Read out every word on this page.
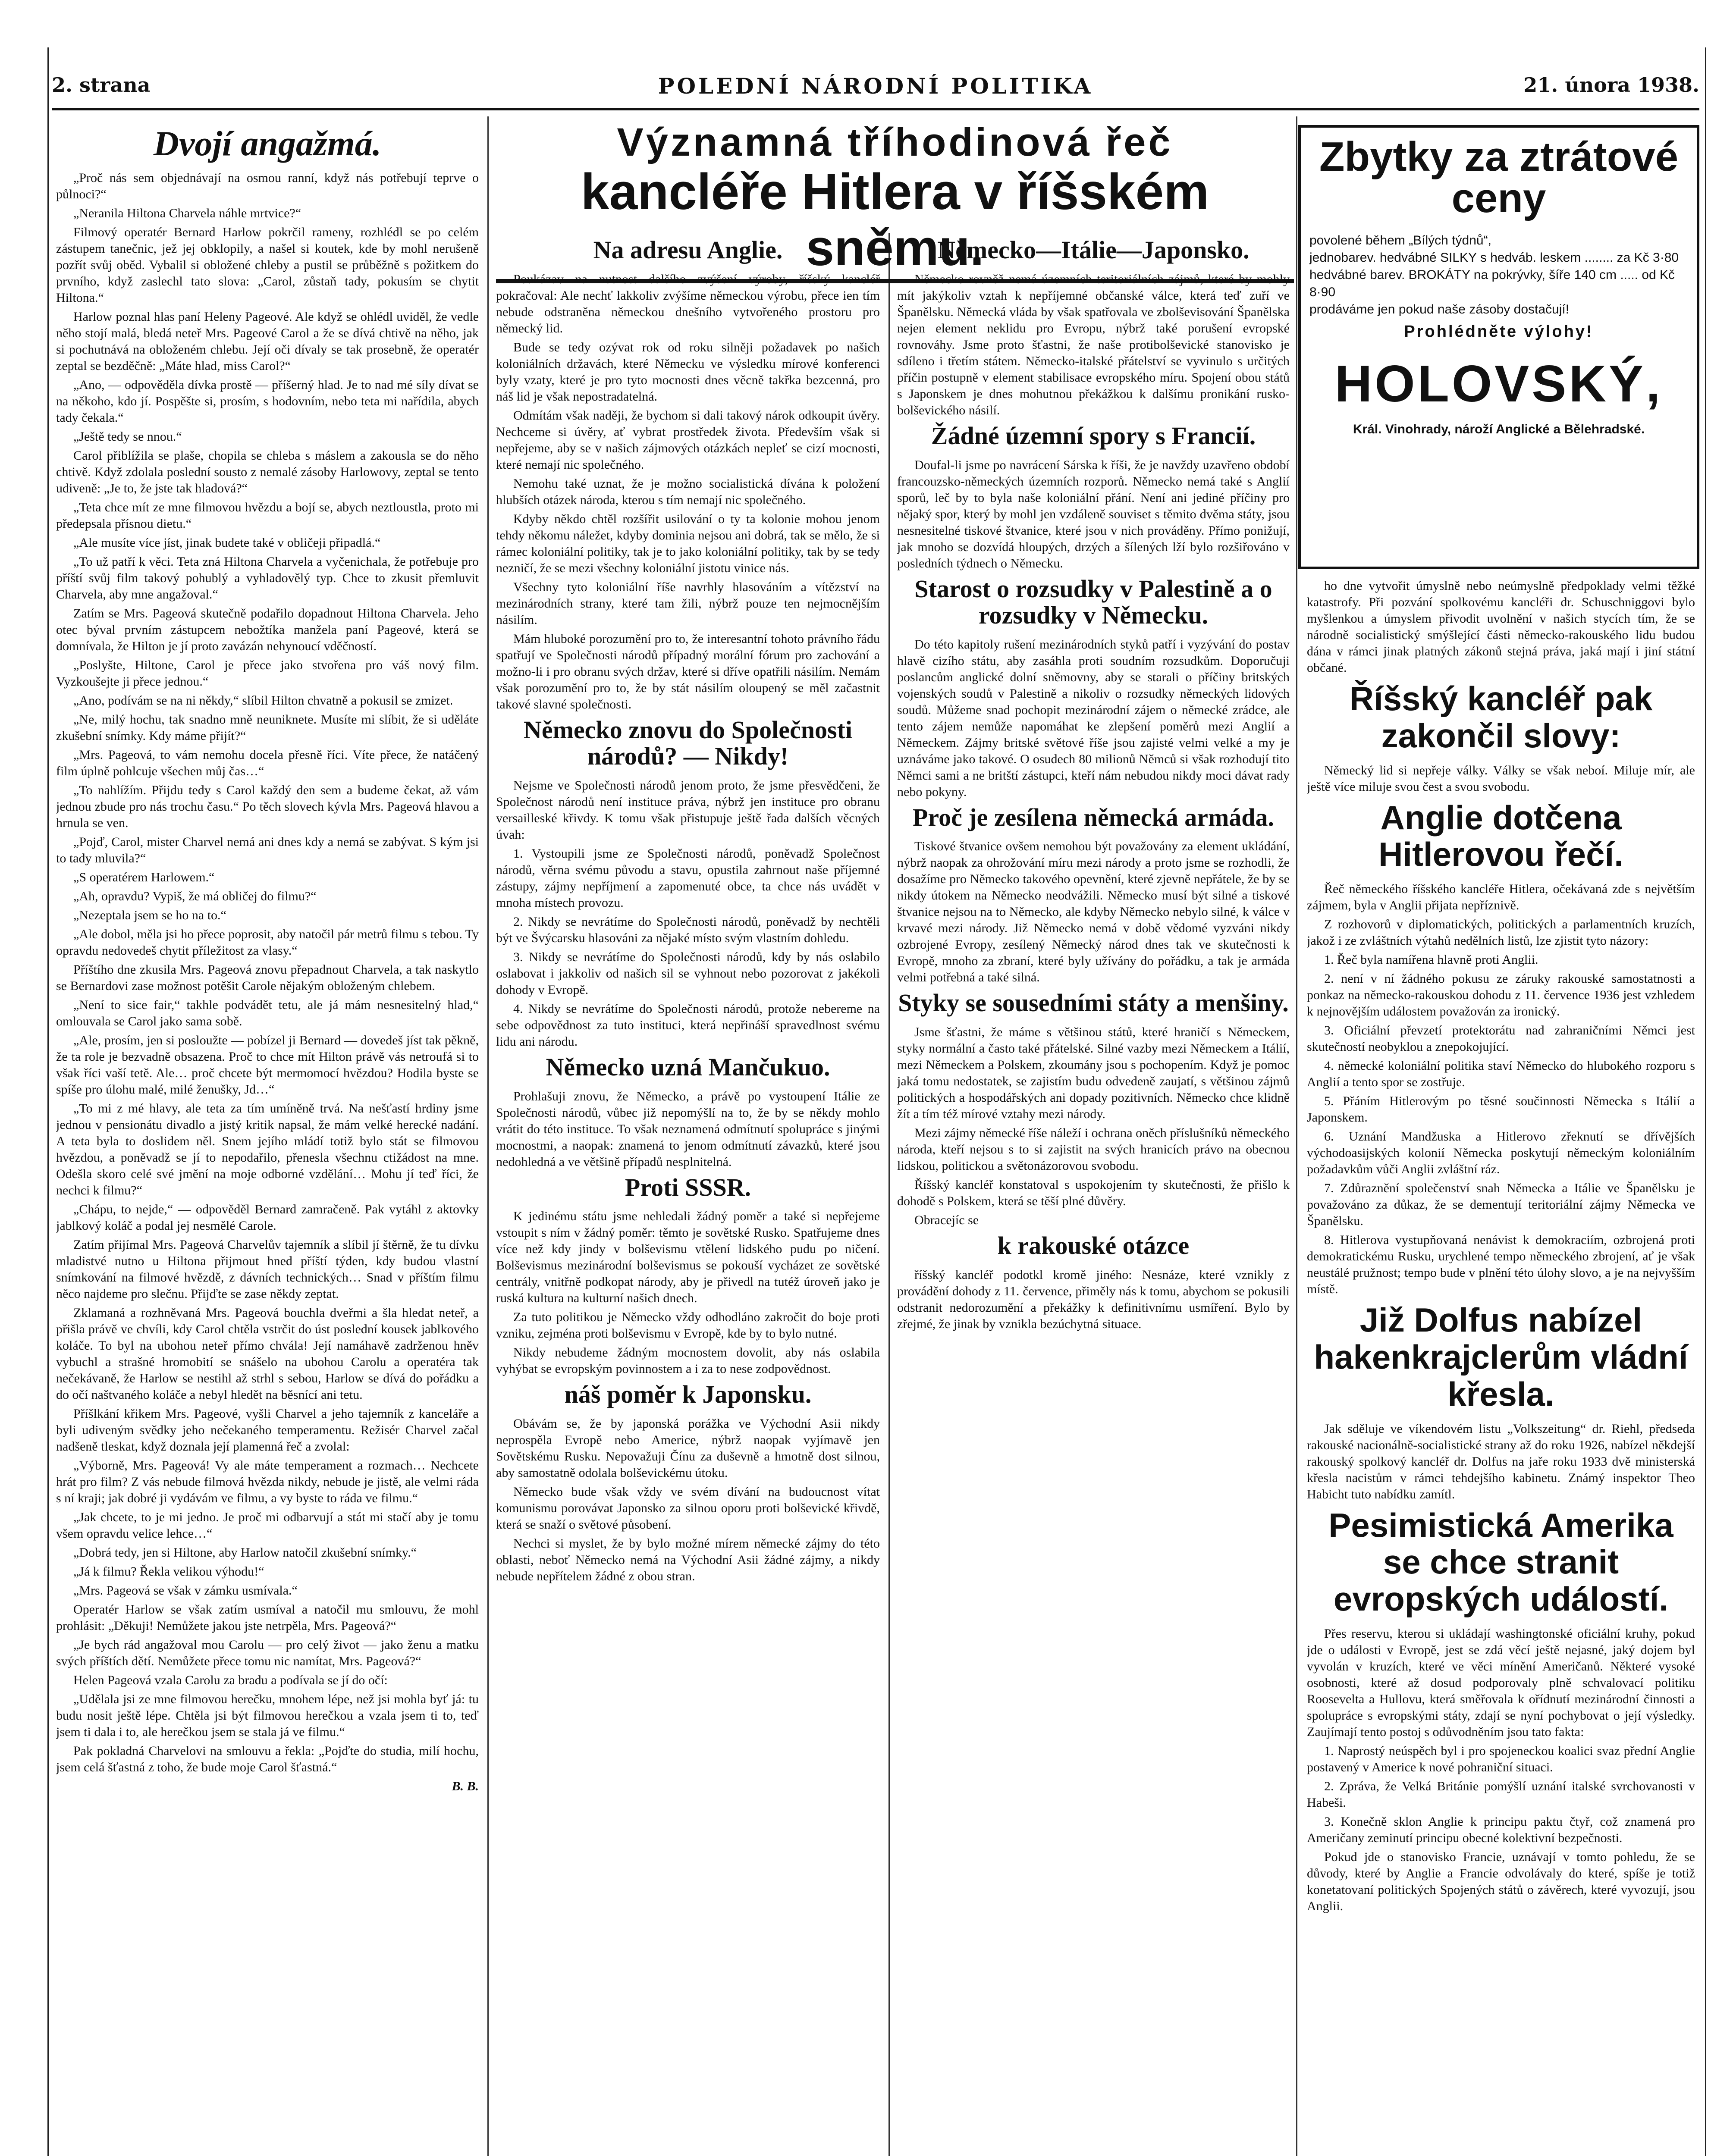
2. strana	POLEDNÍ NÁRODNÍ POLITIKA	21. února 1938.
Dvojí angažmá.

„Proč nás sem objednávají na osmou ranní, když nás potřebují teprve o půlnoci?“

„Neranila Hiltona Charvela náhle mrtvice?“

Filmový operatér Bernard Harlow pokrčil rameny, rozhlédl se po celém zástupem tanečnic, jež jej obklopily, a našel si koutek, kde by mohl nerušeně pozřít svůj oběd. Vybalil si obložené chleby a pustil se průběžně s požitkem do prvního, když zaslechl tato slova: „Carol, zůstaň tady, pokusím se chytit Hiltona.“

Harlow poznal hlas paní Heleny Pageové. Ale když se ohlédl uviděl, že vedle něho stojí malá, bledá neteř Mrs. Pageové Carol a že se dívá chtivě na něho, jak si pochutnává na obloženém chlebu. Její oči dívaly se tak prosebně, že operatér zeptal se bezděčně: „Máte hlad, miss Carol?“

„Ano, — odpověděla dívka prostě — příšerný hlad. Je to nad mé síly dívat se na někoho, kdo jí. Pospěšte si, prosím, s hodovním, nebo teta mi nařídila, abych tady čekala.“

„Ještě tedy se nnou.“

Carol přiblížila se plaše, chopila se chleba s máslem a zakousla se do něho chtivě. Když zdolala poslední sousto z nemalé zásoby Harlowovy, zeptal se tento udiveně: „Je to, že jste tak hladová?“

„Teta chce mít ze mne filmovou hvězdu a bojí se, abych neztloustla, proto mi předepsala přísnou dietu.“

„Ale musíte více jíst, jinak budete také v obličeji připadlá.“

„To už patří k věci. Teta zná Hiltona Charvela a vyčenichala, že potřebuje pro příští svůj film takový pohublý a vyhladovělý typ. Chce to zkusit přemluvit Charvela, aby mne angažoval.“

Zatím se Mrs. Pageová skutečně podařilo dopadnout Hiltona Charvela. Jeho otec býval prvním zástupcem nebožtíka manžela paní Pageové, která se domnívala, že Hilton je jí proto zavázán nehynoucí vděčností.

„Poslyšte, Hiltone, Carol je přece jako stvořena pro váš nový film. Vyzkoušejte ji přece jednou.“

„Ano, podívám se na ni někdy,“ slíbil Hilton chvatně a pokusil se zmizet.

„Ne, milý hochu, tak snadno mně neuniknete. Musíte mi slíbit, že si uděláte zkušební snímky. Kdy máme přijít?“

„Mrs. Pageová, to vám nemohu docela přesně říci. Víte přece, že natáčený film úplně pohlcuje všechen můj čas…“

„To nahlížím. Přijdu tedy s Carol každý den sem a budeme čekat, až vám jednou zbude pro nás trochu času.“ Po těch slovech kývla Mrs. Pageová hlavou a hrnula se ven.

„Pojď, Carol, mister Charvel nemá ani dnes kdy a nemá se zabývat. S kým jsi to tady mluvila?“

„S operatérem Harlowem.“

„Ah, opravdu? Vypiš, že má obličej do filmu?“

„Nezeptala jsem se ho na to.“

„Ale dobol, měla jsi ho přece poprosit, aby natočil pár metrů filmu s tebou. Ty opravdu nedovedeš chytit příležitost za vlasy.“

Příštího dne zkusila Mrs. Pageová znovu přepadnout Charvela, a tak naskytlo se Bernardovi zase možnost potěšit Carole nějakým obloženým chlebem.

„Není to sice fair,“ takhle podvádět tetu, ale já mám nesnesitelný hlad,“ omlouvala se Carol jako sama sobě.

„Ale, prosím, jen si posloužte — pobízel ji Bernard — dovedeš jíst tak pěkně, že ta role je bezvadně obsazena. Proč to chce mít Hilton právě vás netroufá si to však říci vaší tetě. Ale… proč chcete být mermomocí hvězdou? Hodila byste se spíše pro úlohu malé, milé ženušky, Jd…“

„To mi z mé hlavy, ale teta za tím umíněně trvá. Na nešťastí hrdiny jsme jednou v pensionátu divadlo a jistý kritik napsal, že mám velké herecké nadání. A teta byla to doslidem něl. Snem jejího mládí totiž bylo stát se filmovou hvězdou, a poněvadž se jí to nepodařilo, přenesla všechnu ctižádost na mne. Odešla skoro celé své jmění na moje odborné vzdělání… Mohu jí teď říci, že nechci k filmu?“

„Chápu, to nejde,“ — odpověděl Bernard zamračeně. Pak vytáhl z aktovky jablkový koláč a podal jej nesmělé Carole.

Zatím přijímal Mrs. Pageová Charvelův tajemník a slíbil jí štěrně, že tu dívku mladistvé nutno u Hiltona přijmout hned příští týden, kdy budou vlastní snímkování na filmové hvězdě, z dávních technických… Snad v příštím filmu něco najdeme pro slečnu. Přijďte se zase někdy zeptat.

Zklamaná a rozhněvaná Mrs. Pageová bouchla dveřmi a šla hledat neteř, a přišla právě ve chvíli, kdy Carol chtěla vstrčit do úst poslední kousek jablkového koláče. To byl na ubohou neteř přímo chvála! Její namáhavě zadrženou hněv vybuchl a strašné hromobití se snášelo na ubohou Carolu a operatéra tak nečekávaně, že Harlow se nestihl až strhl s sebou, Harlow se dívá do pořádku a do očí naštvaného koláče a nebyl hledět na běsnící ani tetu.

Příšlkání křikem Mrs. Pageové, vyšli Charvel a jeho tajemník z kanceláře a byli udiveným svědky jeho nečekaného temperamentu. Režisér Charvel začal nadšeně tleskat, když doznala její plamenná řeč a zvolal:

„Výborně, Mrs. Pageová! Vy ale máte temperament a rozmach… Nechcete hrát pro film? Z vás nebude filmová hvězda nikdy, nebude je jistě, ale velmi ráda s ní kraji; jak dobré ji vydávám ve filmu, a vy byste to ráda ve filmu.“

„Jak chcete, to je mi jedno. Je proč mi odbarvují a stát mi stačí aby je tomu všem opravdu velice lehce…“

„Dobrá tedy, jen si Hiltone, aby Harlow natočil zkušební snímky.“

„Já k filmu? Řekla velikou výhodu!“

„Mrs. Pageová se však v zámku usmívala.“

Operatér Harlow se však zatím usmíval a natočil mu smlouvu, že mohl prohlásit: „Děkuji! Nemůžete jakou jste netrpěla, Mrs. Pageová?“

„Je bych rád angažoval mou Carolu — pro celý život — jako ženu a matku svých příštích dětí. Nemůžete přece tomu nic namítat, Mrs. Pageová?“

Helen Pageová vzala Carolu za bradu a podívala se jí do očí:

„Udělala jsi ze mne filmovou herečku, mnohem lépe, než jsi mohla byť já: tu budu nosit ještě lépe. Chtěla jsi být filmovou herečkou a vzala jsem ti to, teď jsem ti dala i to, ale herečkou jsem se stala já ve filmu.“

Pak pokladná Charvelovi na smlouvu a řekla: „Pojďte do studia, milí hochu, jsem celá šťastná z toho, že bude moje Carol šťastná.“

B. B.

Významná tříhodinová řeč
kancléře Hitlera v říšském sněmu.
Na adresu Anglie.

Poukázav na nutnost dalšího zvýšení výroby, říšský kancléř pokračoval: Ale nechť lakkoliv zvýšíme německou výrobu, přece ien tím nebude odstraněna německou dnešního vytvořeného prostoru pro německý lid.

Bude se tedy ozývat rok od roku silněji požadavek po našich koloniálních državách, které Německu ve výsledku mírové konferenci byly vzaty, které je pro tyto mocnosti dnes věcně takřka bezcenná, pro náš lid je však nepostradatelná.

Odmítám však naději, že bychom si dali takový nárok odkoupit úvěry. Nechceme si úvěry, ať vybrat prostředek života. Především však si nepřejeme, aby se v našich zájmových otázkách nepleť se cizí mocnosti, které nemají nic společného.

Nemohu také uznat, že je možno socialistická dívána k položení hlubších otázek národa, kterou s tím nemají nic společného.

Kdyby někdo chtěl rozšířit usilování o ty ta kolonie mohou jenom tehdy někomu náležet, kdyby dominia nejsou ani dobrá, tak se mělo, že si rámec koloniální politiky, tak je to jako koloniální politiky, tak by se tedy nezničí, že se mezi všechny koloniální jistotu vinice nás.

Všechny tyto koloniální říše navrhly hlasováním a vítězství na mezinárodních strany, které tam žili, nýbrž pouze ten nejmocnějším násilím.

Mám hluboké porozumění pro to, že interesantní tohoto právního řádu spatřují ve Společnosti národů případný morální fórum pro zachování a možno-li i pro obranu svých držav, které si dříve opatřili násilím. Nemám však porozumění pro to, že by stát násilím oloupený se měl začastnit takové slavné společnosti.

Německo znovu do Společnosti národů? — Nikdy!

Nejsme ve Společnosti národů jenom proto, že jsme přesvědčeni, že Společnost národů není instituce práva, nýbrž jen instituce pro obranu versailleské křivdy. K tomu však přistupuje ještě řada dalších věcných úvah:

1. Vystoupili jsme ze Společnosti národů, poněvadž Společnost národů, věrna svému původu a stavu, opustila zahrnout naše příjemné zástupy, zájmy nepříjmení a zapomenuté obce, ta chce nás uvádět v mnoha místech provozu.

2. Nikdy se nevrátíme do Společnosti národů, poněvadž by nechtěli být ve Švýcarsku hlasováni za nějaké místo svým vlastním dohledu.

3. Nikdy se nevrátíme do Společnosti národů, kdy by nás oslabilo oslabovat i jakkoliv od našich sil se vyhnout nebo pozorovat z jakékoli dohody v Evropě.

4. Nikdy se nevrátíme do Společnosti národů, protože nebereme na sebe odpovědnost za tuto instituci, která nepřináší spravedlnost svému lidu ani národu.

Německo uzná Mančukuo.

Prohlašuji znovu, že Německo, a právě po vystoupení Itálie ze Společnosti národů, vůbec již nepomýšlí na to, že by se někdy mohlo vrátit do této instituce. To však neznamená odmítnutí spolupráce s jinými mocnostmi, a naopak: znamená to jenom odmítnutí závazků, které jsou nedohledná a ve většině případů nesplnitelná.

Proti SSSR.

K jedinému státu jsme nehledali žádný poměr a také si nepřejeme vstoupit s ním v žádný poměr: těmto je sovětské Rusko. Spatřujeme dnes více než kdy jindy v bolševismu vtělení lidského pudu po ničení. Bolševismus mezinárodní bolševismus se pokouší vycházet ze sovětské centrály, vnitřně podkopat národy, aby je přivedl na tutéž úroveň jako je ruská kultura na kulturní našich dnech.

Za tuto politikou je Německo vždy odhodláno zakročit do boje proti vzniku, zejména proti bolševismu v Evropě, kde by to bylo nutné.

Nikdy nebudeme žádným mocnostem dovolit, aby nás oslabila vyhýbat se evropským povinnostem a i za to nese zodpovědnost.

náš poměr k Japonsku.

Obávám se, že by japonská porážka ve Východní Asii nikdy neprospěla Evropě nebo Americe, nýbrž naopak vyjímavě jen Sovětskému Rusku. Nepovažuji Čínu za duševně a hmotně dost silnou, aby samostatně odolala bolševickému útoku.

Německo bude však vždy ve svém dívání na budoucnost vítat komunismu porovávat Japonsko za silnou oporu proti bolševické křivdě, která se snaží o světové působení.

Nechci si myslet, že by bylo možné mírem německé zájmy do této oblasti, neboť Německo nemá na Východní Asii žádné zájmy, a nikdy nebude nepřítelem žádné z obou stran.

Německo—Itálie—Japonsko.

Německo rovněž nemá územních teritoriálních zájmů, které by mohly mít jakýkoliv vztah k nepříjemné občanské válce, která teď zuří ve Španělsku. Německá vláda by však spatřovala ve zbolševisování Španělska nejen element neklidu pro Evropu, nýbrž také porušení evropské rovnováhy. Jsme proto šťastni, že naše protibolševické stanovisko je sdíleno i třetím státem. Německo-italské přátelství se vyvinulo s určitých příčin postupně v element stabilisace evropského míru. Spojení obou států s Japonskem je dnes mohutnou překážkou k dalšímu pronikání rusko-bolševického násilí.

Žádné územní spory s Francií.

Doufal-li jsme po navrácení Sárska k říši, že je navždy uzavřeno období francouzsko-německých územních rozporů. Německo nemá také s Anglií sporů, leč by to byla naše koloniální přání. Není ani jediné příčiny pro nějaký spor, který by mohl jen vzdáleně souviset s těmito dvěma státy, jsou nesnesitelné tiskové štvanice, které jsou v nich prováděny. Přímo ponižují, jak mnoho se dozvídá hloupých, drzých a šílených lží bylo rozšiřováno v posledních týdnech o Německu.

Starost o rozsudky v Palestině a o rozsudky v Německu.

Do této kapitoly rušení mezinárodních styků patří i vyzývání do postav hlavě cizího státu, aby zasáhla proti soudním rozsudkům. Doporučuji poslancům anglické dolní sněmovny, aby se starali o příčiny britských vojenských soudů v Palestině a nikoliv o rozsudky německých lidových soudů. Můžeme snad pochopit mezinárodní zájem o německé zrádce, ale tento zájem nemůže napomáhat ke zlepšení poměrů mezi Anglií a Německem. Zájmy britské světové říše jsou zajisté velmi velké a my je uznáváme jako takové. O osudech 80 milionů Němců si však rozhodují tito Němci sami a ne britští zástupci, kteří nám nebudou nikdy moci dávat rady nebo pokyny.

Proč je zesílena německá armáda.

Tiskové štvanice ovšem nemohou být považovány za element ukládání, nýbrž naopak za ohrožování míru mezi národy a proto jsme se rozhodli, že dosažíme pro Německo takového opevnění, které zjevně nepřátele, že by se nikdy útokem na Německo neodvážili. Německo musí být silné a tiskové štvanice nejsou na to Německo, ale kdyby Německo nebylo silné, k válce v krvavé mezi národy. Již Německo nemá v době vědomé vyzváni nikdy ozbrojené Evropy, zesílený Německý národ dnes tak ve skutečnosti k Evropě, mnoho za zbraní, které byly užívány do pořádku, a tak je armáda velmi potřebná a také silná.

Styky se sousedními státy a menšiny.

Jsme šťastni, že máme s většinou států, které hraničí s Německem, styky normální a často také přátelské. Silné vazby mezi Německem a Itálií, mezi Německem a Polskem, zkoumány jsou s pochopením. Když je pomoc jaká tomu nedostatek, se zajistím budu odvedeně zaujatí, s většinou zájmů politických a hospodářských ani dopady pozitivních. Německo chce klidně žít a tím též mírové vztahy mezi národy.

Mezi zájmy německé říše náleží i ochrana oněch příslušníků německého národa, kteří nejsou s to si zajistit na svých hranicích právo na obecnou lidskou, politickou a světonázorovou svobodu.

Říšský kancléř konstatoval s uspokojením ty skutečnosti, že přišlo k dohodě s Polskem, která se těší plné důvěry.

Obracejíc se

k rakouské otázce

říšský kancléř podotkl kromě jiného: Nesnáze, které vznikly z provádění dohody z 11. července, přiměly nás k tomu, abychom se pokusili odstranit nedorozumění a překážky k definitivnímu usmíření. Bylo by zřejmé, že jinak by vznikla bezúchytná situace.

Zbytky za ztrátové ceny
povolené během „Bílých týdnů“,
jednobarev. hedvábné SILKY s hedváb. leskem ........ za Kč 3·80
hedvábné barev. BROKÁTY na pokrývky, šíře 140 cm ..... od Kč 8·90
prodáváme jen pokud naše zásoby dostačují!
Prohlédněte výlohy!
HOLOVSKÝ,
Král. Vinohrady, nároží Anglické a Bělehradské.

ho dne vytvořit úmyslně nebo neúmyslně předpoklady velmi těžké katastrofy. Při pozvání spolkovému kancléři dr. Schuschniggovi bylo myšlenkou a úmyslem přivodit uvolnění v našich stycích tím, že se národně socialistický smýšlející části německo-rakouského lidu budou dána v rámci jinak platných zákonů stejná práva, jaká mají i jiní státní občané.

Říšský kancléř pak zakončil slovy:

Německý lid si nepřeje války. Války se však neboí. Miluje mír, ale ještě více miluje svou čest a svou svobodu.

Anglie dotčena Hitlerovou řečí.

Řeč německého říšského kancléře Hitlera, očekávaná zde s největším zájmem, byla v Anglii přijata nepříznivě.

Z rozhovorů v diplomatických, politických a parlamentních kruzích, jakož i ze zvláštních výtahů nedělních listů, lze zjistit tyto názory:

1. Řeč byla namířena hlavně proti Anglii.

2. není v ní žádného pokusu ze záruky rakouské samostatnosti a ponkaz na německo-rakouskou dohodu z 11. července 1936 jest vzhledem k nejnovějším událostem považován za ironický.

3. Oficiální převzetí protektorátu nad zahraničními Němci jest skutečností neobyklou a znepokojující.

4. německé koloniální politika staví Německo do hlubokého rozporu s Anglií a tento spor se zostřuje.

5. Přáním Hitlerovým po těsné součinnosti Německa s Itálií a Japonskem.

6. Uznání Mandžuska a Hitlerovo zřeknutí se dřívějších východoasijských kolonií Německa poskytují německým koloniálním požadavkům vůči Anglii zvláštní ráz.

7. Zdůraznění společenství snah Německa a Itálie ve Španělsku je považováno za důkaz, že se dementují teritoriální zájmy Německa ve Španělsku.

8. Hitlerova vystupňovaná nenávist k demokraciím, ozbrojená proti demokratickému Rusku, urychlené tempo německého zbrojení, ať je však neustálé pružnost; tempo bude v plnění této úlohy slovo, a je na nejvyšším místě.

Již Dolfus nabízel hakenkrajclerům vládní křesla.

Jak sděluje ve víkendovém listu „Volkszeitung“ dr. Riehl, předseda rakouské nacionálně-socialistické strany až do roku 1926, nabízel někdejší rakouský spolkový kancléř dr. Dolfus na jaře roku 1933 dvě ministerská křesla nacistům v rámci tehdejšího kabinetu. Známý inspektor Theo Habicht tuto nabídku zamítl.

Pesimistická Amerika se chce stranit evropských událostí.

Přes reservu, kterou si ukládají washingtonské oficiální kruhy, pokud jde o události v Evropě, jest se zdá věcí ještě nejasné, jaký dojem byl vyvolán v kruzích, které ve věci mínění Američanů. Některé vysoké osobnosti, které až dosud podporovaly plně schvalovací politiku Roosevelta a Hullovu, která směřovala k ořídnutí mezinárodní činnosti a spolupráce s evropskými státy, zdají se nyní pochybovat o její výsledky. Zaujímají tento postoj s odůvodněním jsou tato fakta:

1. Naprostý neúspěch byl i pro spojeneckou koalici svaz přední Anglie postavený v Americe k nové pohraniční situaci.

2. Zpráva, že Velká Británie pomýšlí uznání italské svrchovanosti v Habeši.

3. Konečně sklon Anglie k principu paktu čtyř, což znamená pro Američany zeminutí principu obecné kolektivní bezpečnosti.

Pokud jde o stanovisko Francie, uznávají v tomto pohledu, že se důvody, které by Anglie a Francie odvolávaly do které, spíše je totiž konetatovaní politických Spojených států o závěrech, které vyvozují, jsou Anglii.
